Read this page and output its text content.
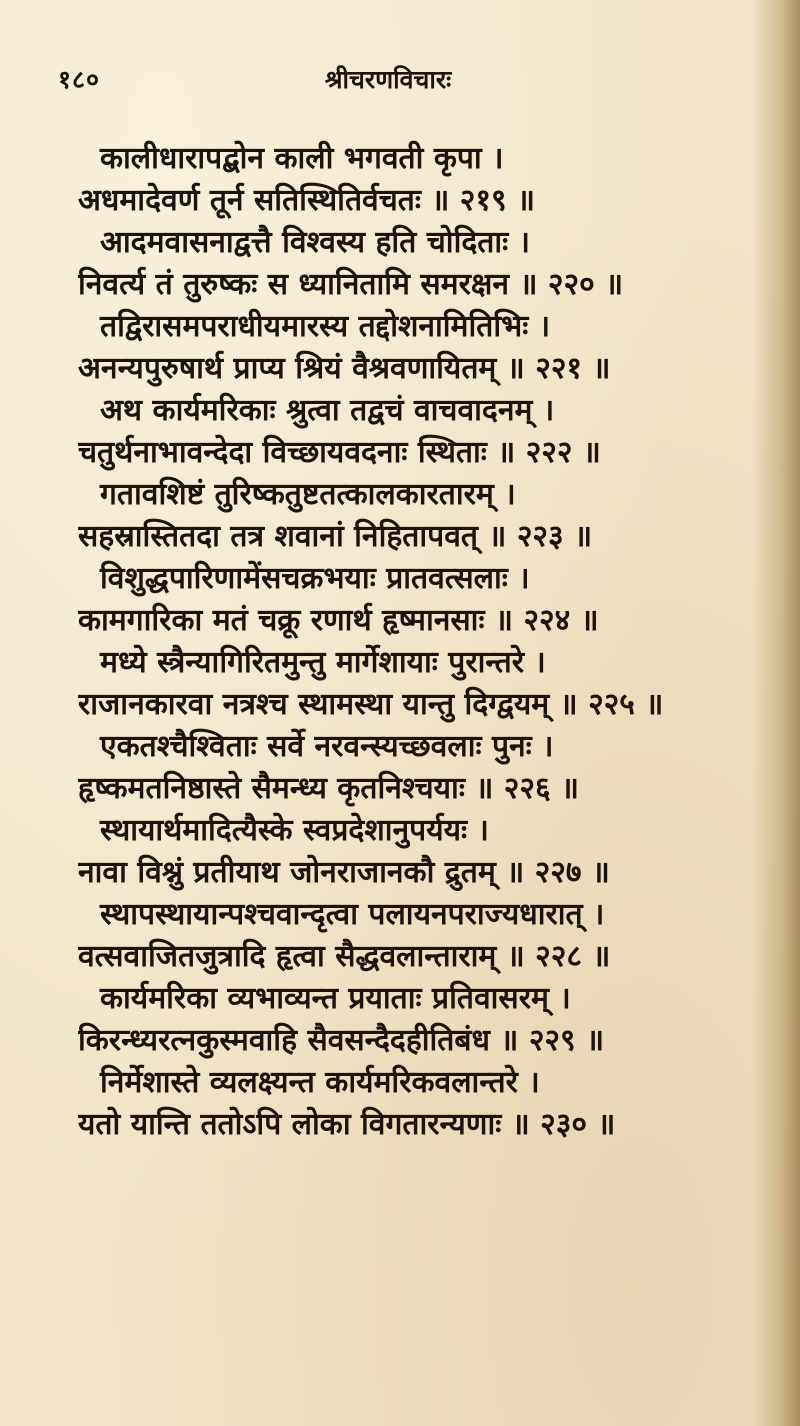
१८०	श्रीचरणविचारः
कालीधारापद्बोन काली भगवती कृपा ।
अधमादेवर्ण तूर्न सतिस्थितिर्वचतः ॥ २१९ ॥
आदमवासनाद्वत्तै विश्वस्य हति चोदिताः ।
निवर्त्य तं तुरुष्कः स ध्यानितामि समरक्षन ॥ २२० ॥
तद्विरासमपराधीयमारस्य तद्दोशनामितिभिः ।
अनन्यपुरुषार्थ प्राप्य श्रियं वैश्रवणायितम् ॥ २२१ ॥
अथ कार्यमरिकाः श्रुत्वा तद्वचं वाचवादनम् ।
चतुर्थनाभावन्देदा विच्छायवदनाः स्थिताः ॥ २२२ ॥
गतावशिष्टं तुरिष्कतुष्टतत्कालकारतारम् ।
सहस्रास्तितदा तत्र शवानां निहितापवत् ॥ २२३ ॥
विशुद्धपारिणामेंसचक्रभयाः प्रातवत्सलाः ।
कामगारिका मतं चक्रू रणार्थ हृष्मानसाः ॥ २२४ ॥
मध्ये स्त्रैन्यागिरितमुन्तु मार्गेशायाः पुरान्तरे ।
राजानकारवा नत्रश्च स्थामस्था यान्तु दिग्द्वयम् ॥ २२५ ॥
एकतश्चैश्विताः सर्वे नरवन्स्यच्छवलाः पुनः ।
हृष्कमतनिष्ठास्ते सैमन्ध्य कृतनिश्चयाः ॥ २२६ ॥
स्थायार्थमादित्यैस्के स्वप्रदेशानुपर्ययः ।
नावा विश्नुं प्रतीयाथ जोनराजानकौ द्रुतम् ॥ २२७ ॥
स्थापस्थायान्पश्चवान्दृत्वा पलायनपराज्यधारात् ।
वत्सवाजितजुत्रादि हृत्वा सैद्धवलान्ताराम् ॥ २२८ ॥
कार्यमरिका व्यभाव्यन्त प्रयाताः प्रतिवासरम् ।
किरन्ध्यरत्नकुस्मवाहि सैवसन्दैदहीतिबंध ॥ २२९ ॥
निर्मेशास्ते व्यलक्ष्यन्त कार्यमरिकवलान्तरे ।
यतो यान्ति ततोऽपि लोका विगतारन्यणाः ॥ २३० ॥
